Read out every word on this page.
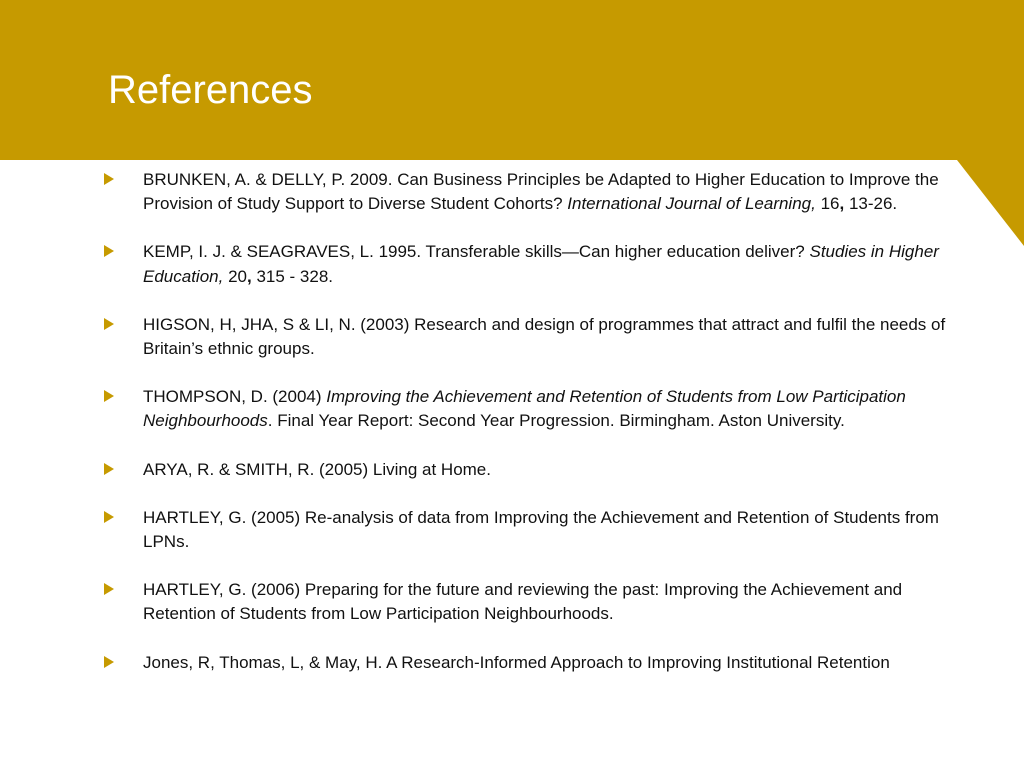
References
BRUNKEN, A. & DELLY, P. 2009. Can Business Principles be Adapted to Higher Education to Improve the Provision of Study Support to Diverse Student Cohorts? International Journal of Learning, 16, 13-26.
KEMP, I. J. & SEAGRAVES, L. 1995. Transferable skills—Can higher education deliver? Studies in Higher Education, 20, 315 - 328.
HIGSON, H, JHA, S & LI, N. (2003) Research and design of programmes that attract and fulfil the needs of Britain’s ethnic groups.
THOMPSON, D. (2004) Improving the Achievement and Retention of Students from Low Participation Neighbourhoods. Final Year Report: Second Year Progression. Birmingham. Aston University.
ARYA, R. & SMITH, R. (2005) Living at Home.
HARTLEY, G. (2005) Re-analysis of data from Improving the Achievement and Retention of Students from LPNs.
HARTLEY, G. (2006) Preparing for the future and reviewing the past: Improving the Achievement and Retention of Students from Low Participation Neighbourhoods.
Jones, R, Thomas, L, & May, H. A Research-Informed Approach to Improving Institutional Retention
